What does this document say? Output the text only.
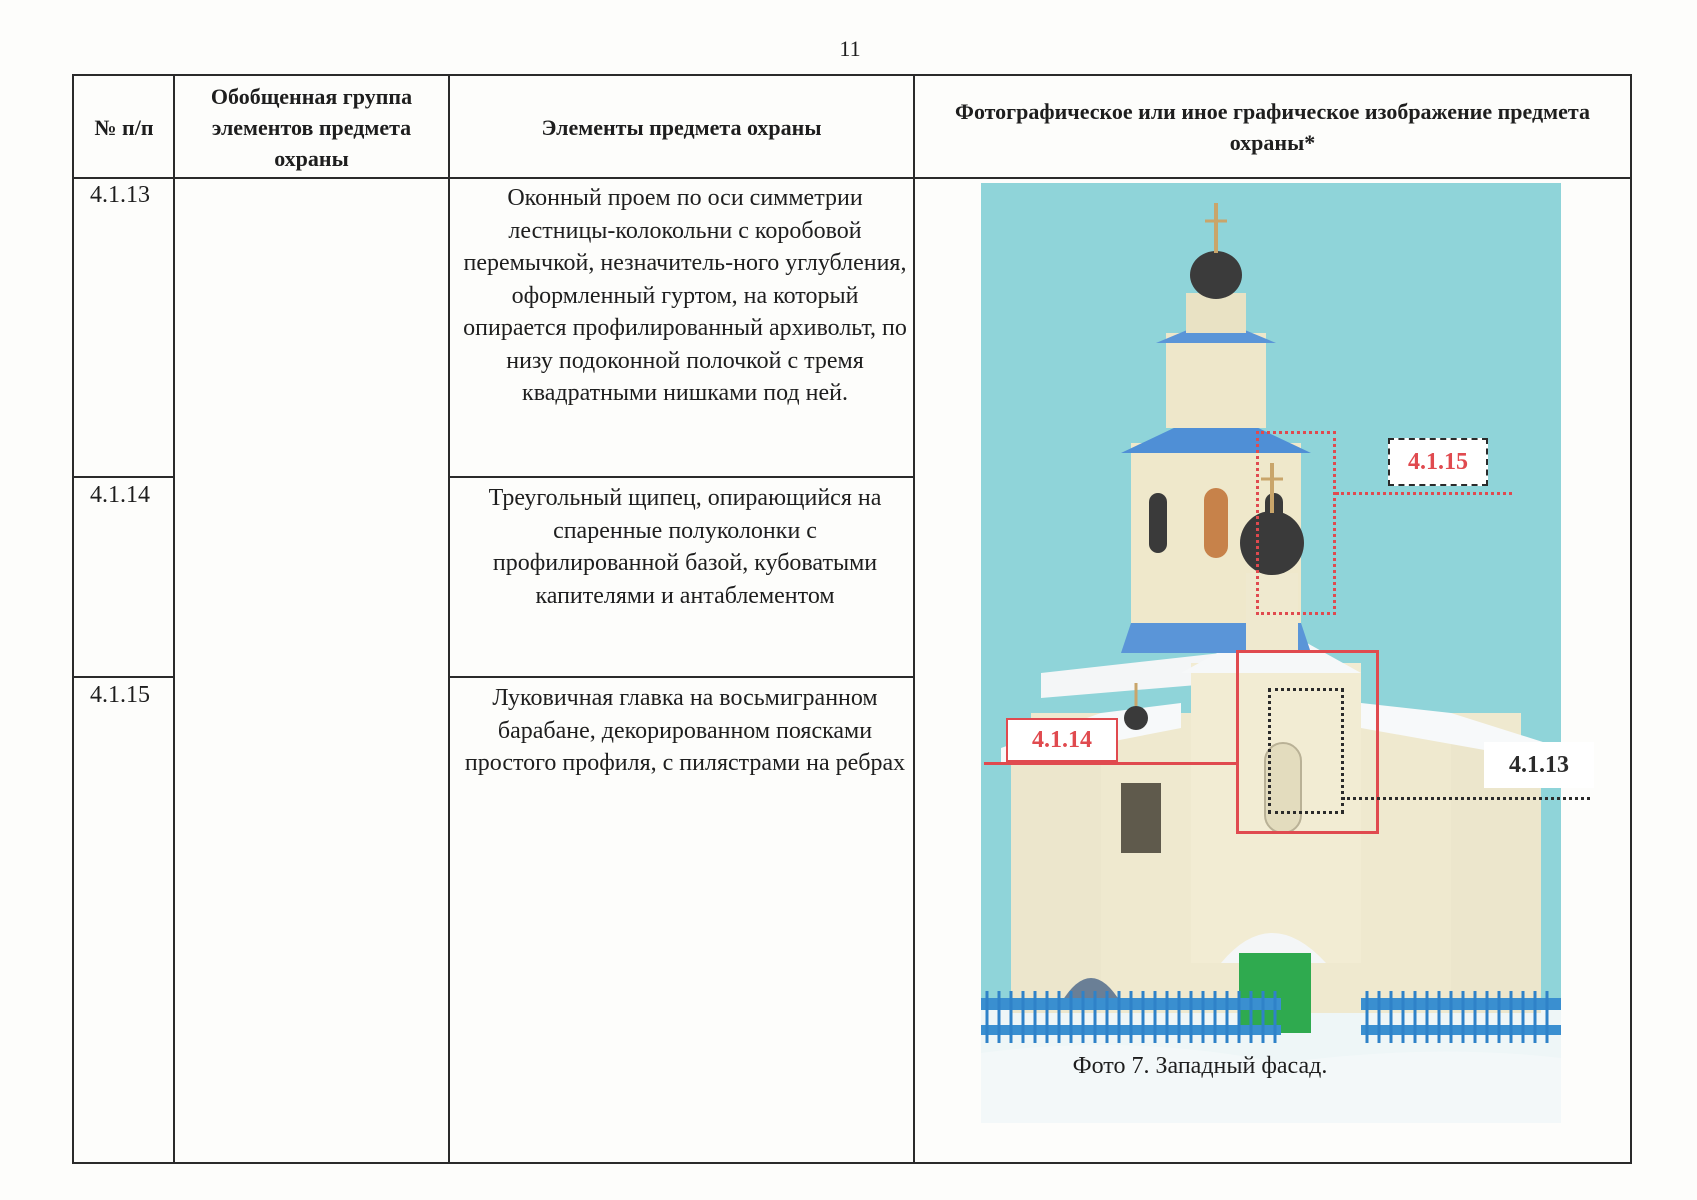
11
№ п/п
Обобщенная группа элементов предмета охраны
Элементы предмета охраны
Фотографическое или иное графическое изображение предмета охраны*
4.1.13
4.1.14
4.1.15
Оконный проем по оси симметрии лестницы-колокольни с коробовой перемычкой, незначитель-ного углубления, оформленный гуртом, на который опирается профилированный архивольт, по низу подоконной полочкой с тремя квадратными нишками под ней.
Треугольный щипец, опирающийся на спаренные полуколонки с профилированной базой, кубоватыми капителями и антаблементом
Луковичная главка на восьмигранном барабане, декорированном поясками простого профиля, с пилястрами на ребрах
4.1.15
4.1.14
4.1.13
Фото 7. Западный фасад.
